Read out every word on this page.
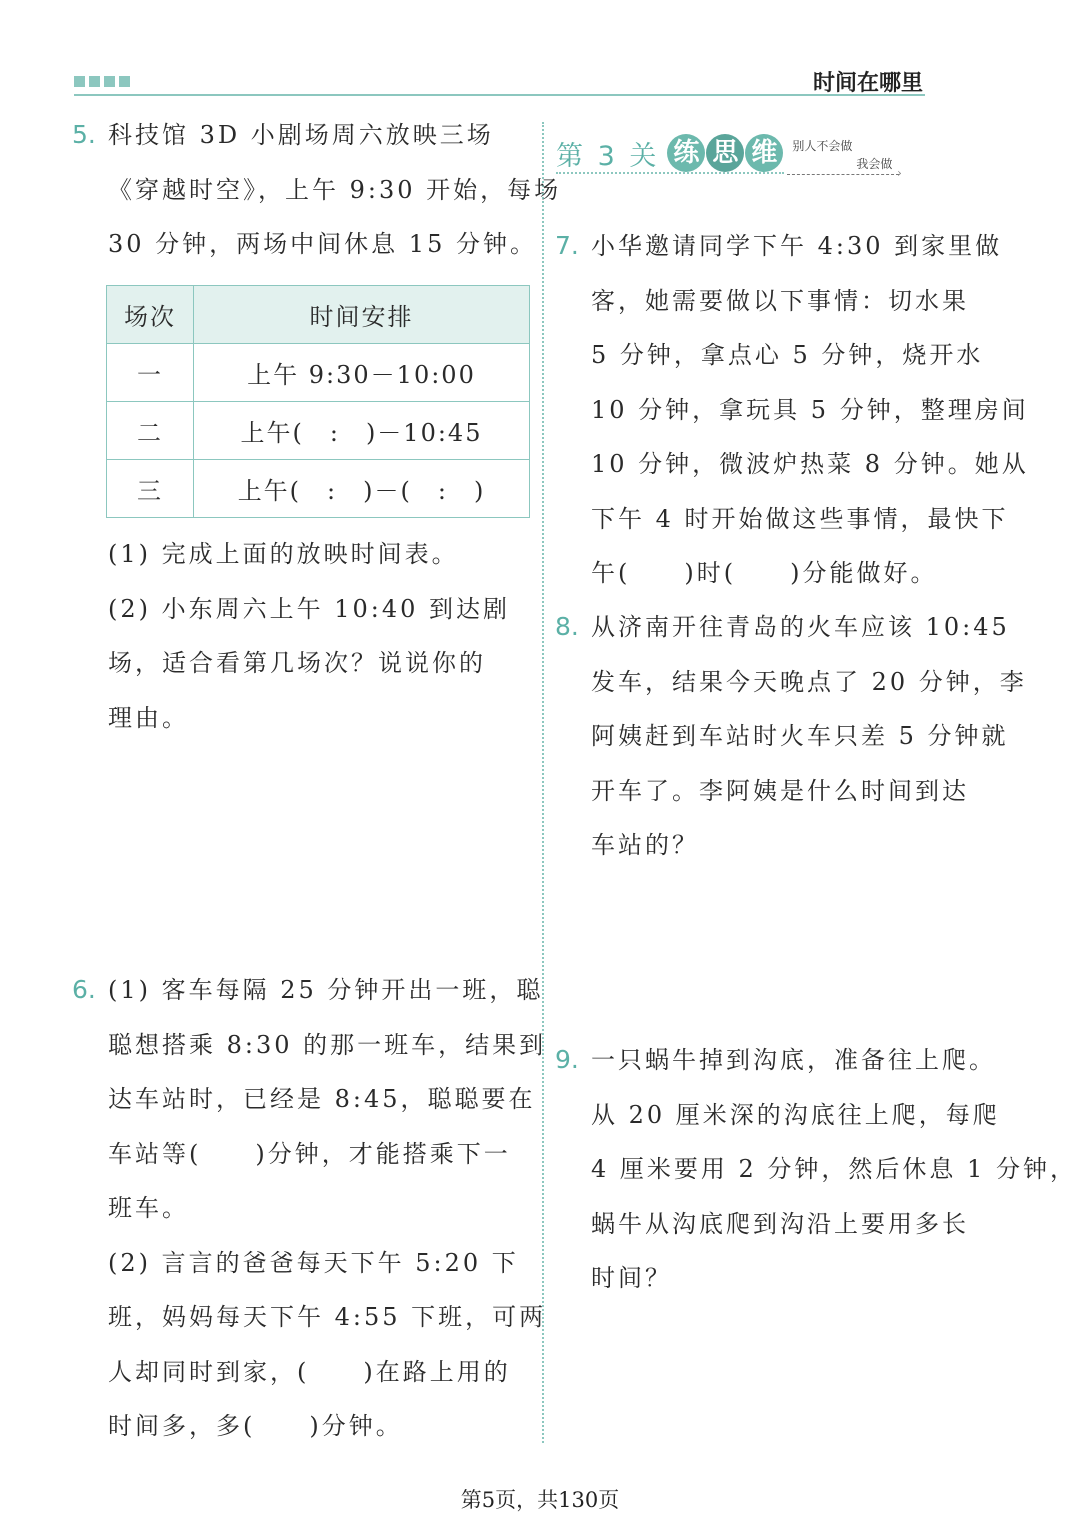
时间在哪里
5. 科技馆 3D 小剧场周六放映三场
《穿越时空》，上午 9:30 开始，每场
30 分钟，两场中间休息 15 分钟。
场次	时间安排
一	上午 9:30－10:00
二	上午(　:　)－10:45
三	上午(　:　)－(　:　)
(1) 完成上面的放映时间表。
(2) 小东周六上午 10:40 到达剧
场，适合看第几场次？说说你的
理由。
6. (1) 客车每隔 25 分钟开出一班，聪
聪想搭乘 8:30 的那一班车，结果到
达车站时，已经是 8:45，聪聪要在
车站等(　　)分钟，才能搭乘下一
班车。
(2) 言言的爸爸每天下午 5:20 下
班，妈妈每天下午 4:55 下班，可两
人却同时到家，(　　)在路上用的
时间多，多(　　)分钟。
第 3 关 练 思 维	别人不会做
我会做
›
7. 小华邀请同学下午 4:30 到家里做
客，她需要做以下事情：切水果
5 分钟，拿点心 5 分钟，烧开水
10 分钟，拿玩具 5 分钟，整理房间
10 分钟，微波炉热菜 8 分钟。她从
下午 4 时开始做这些事情，最快下
午(　　)时(　　)分能做好。
8. 从济南开往青岛的火车应该 10:45
发车，结果今天晚点了 20 分钟，李
阿姨赶到车站时火车只差 5 分钟就
开车了。李阿姨是什么时间到达
车站的？
9. 一只蜗牛掉到沟底，准备往上爬。
从 20 厘米深的沟底往上爬，每爬
4 厘米要用 2 分钟，然后休息 1 分钟，
蜗牛从沟底爬到沟沿上要用多长
时间？
第5页，共130页
